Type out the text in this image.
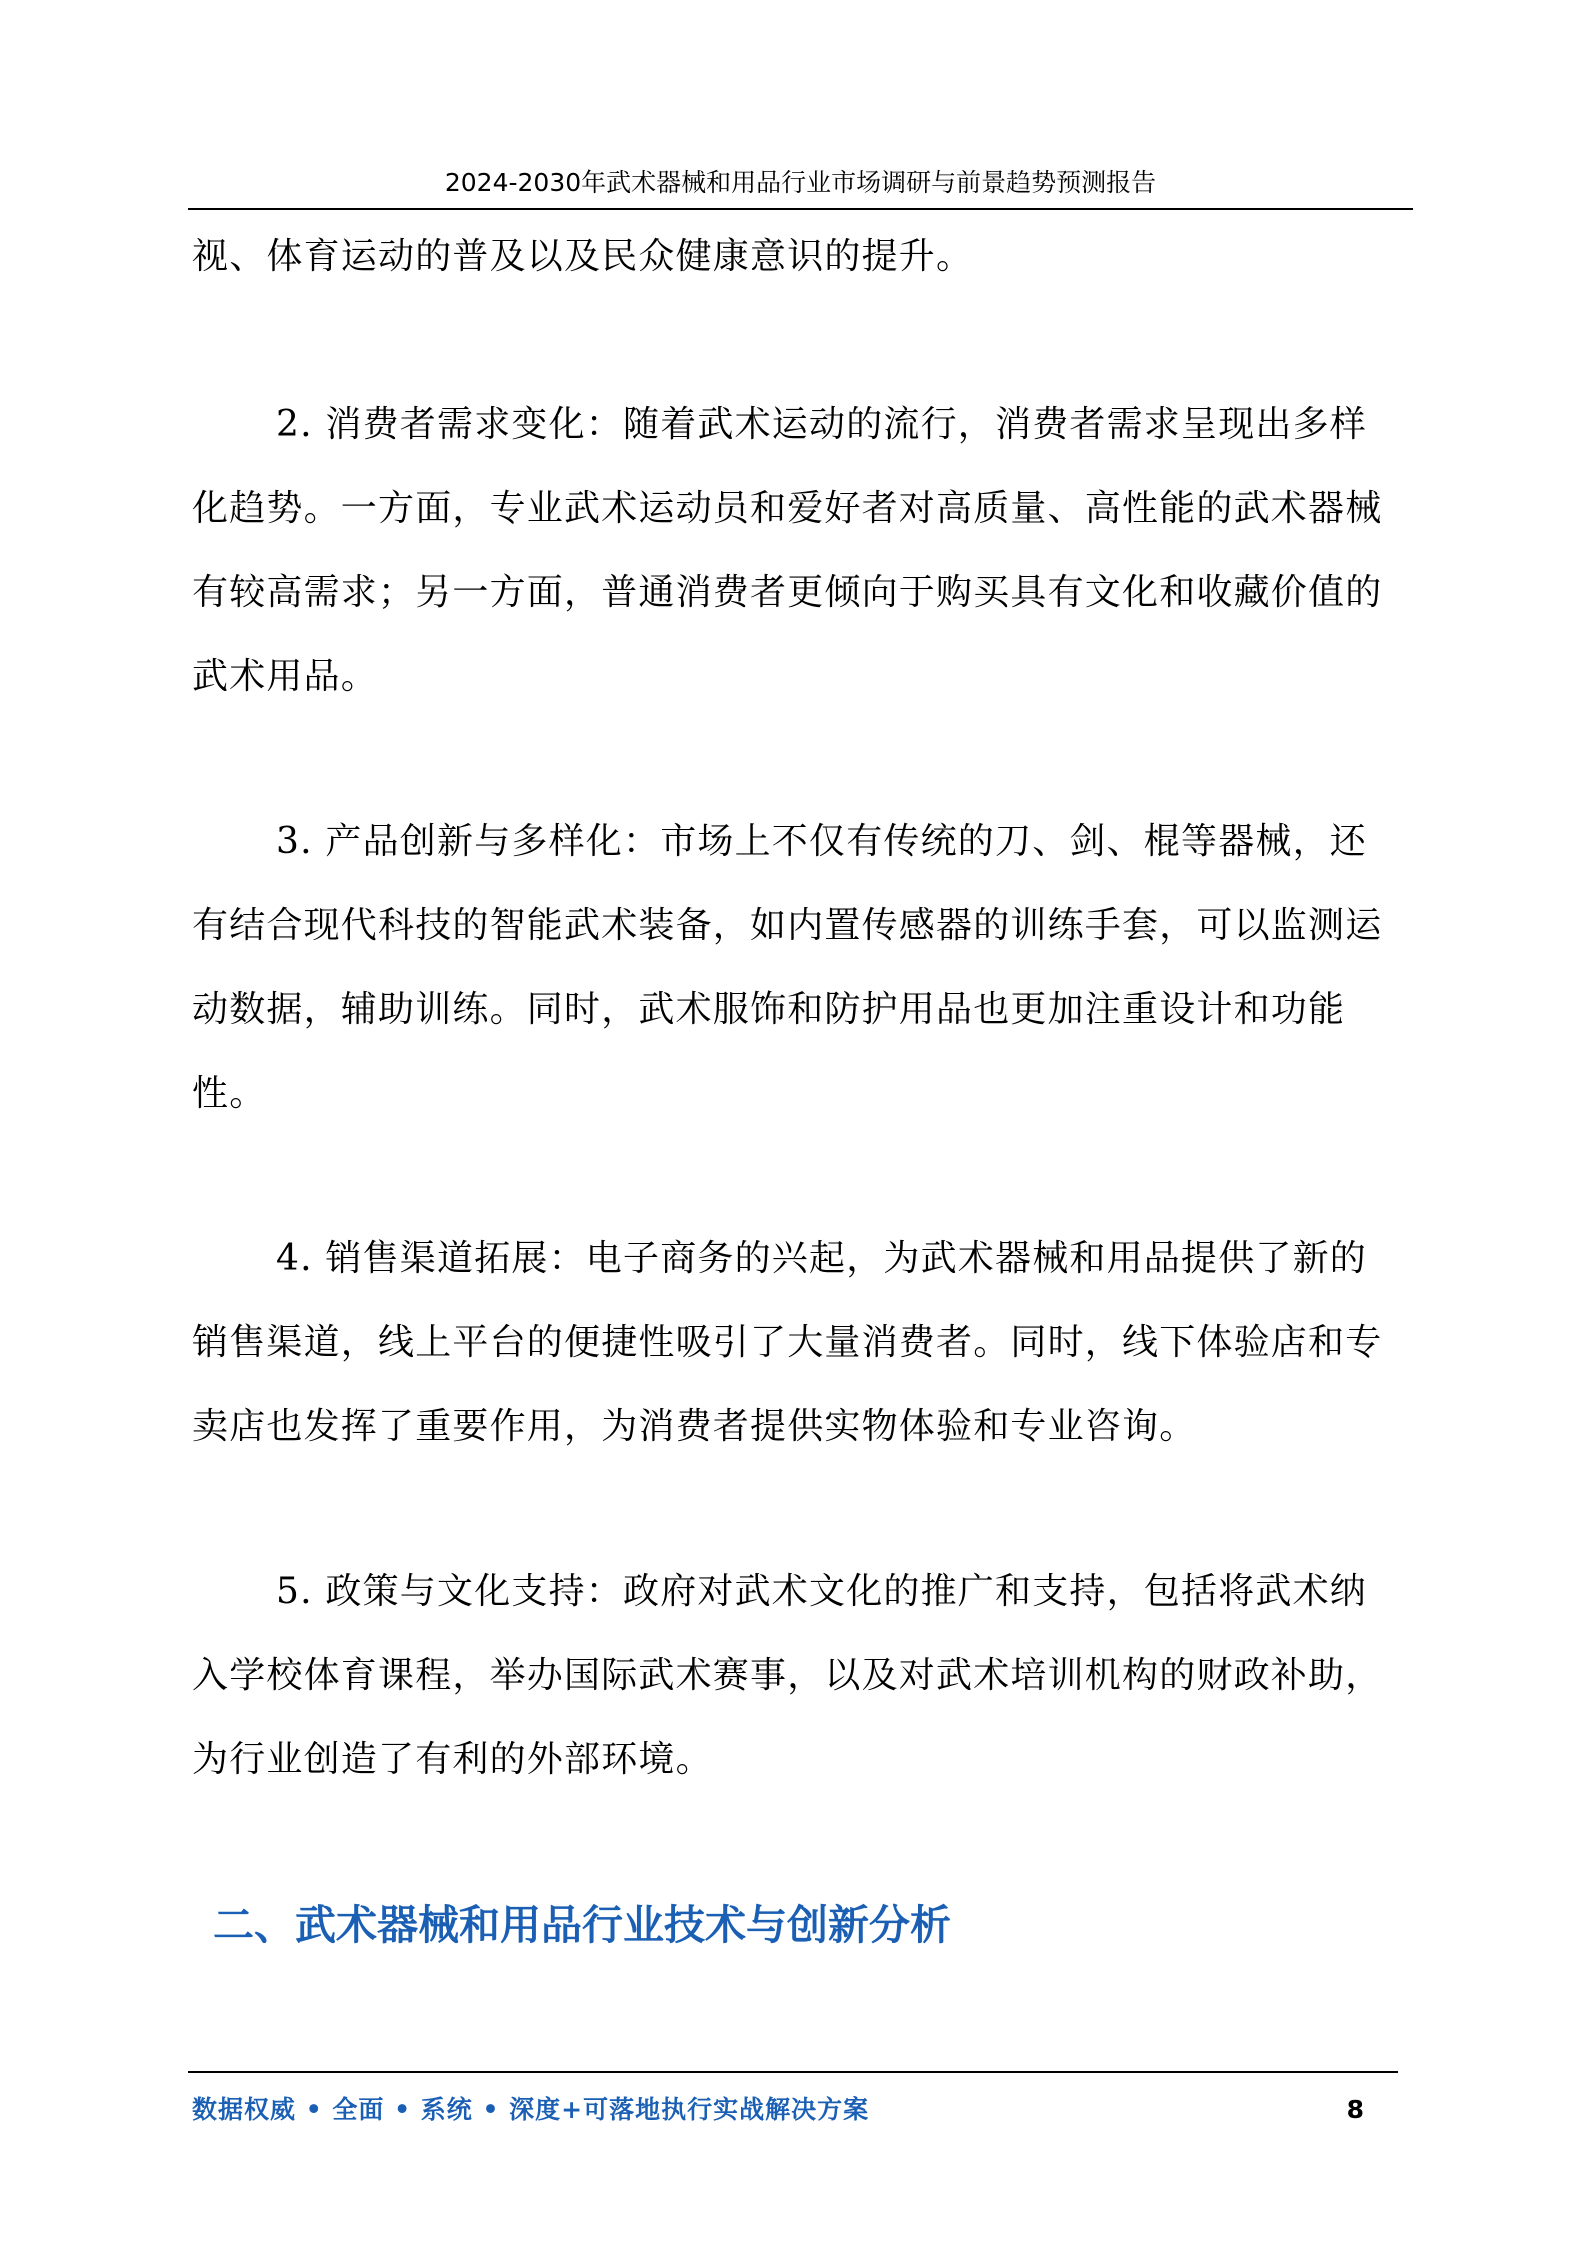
2024-2030年武术器械和用品行业市场调研与前景趋势预测报告

视、体育运动的普及以及民众健康意识的提升。

2. 消费者需求变化：随着武术运动的流行，消费者需求呈现出多样化趋势。一方面，专业武术运动员和爱好者对高质量、高性能的武术器械有较高需求；另一方面，普通消费者更倾向于购买具有文化和收藏价值的武术用品。

3. 产品创新与多样化：市场上不仅有传统的刀、剑、棍等器械，还有结合现代科技的智能武术装备，如内置传感器的训练手套，可以监测运动数据，辅助训练。同时，武术服饰和防护用品也更加注重设计和功能性。

4. 销售渠道拓展：电子商务的兴起，为武术器械和用品提供了新的销售渠道，线上平台的便捷性吸引了大量消费者。同时，线下体验店和专卖店也发挥了重要作用，为消费者提供实物体验和专业咨询。

5. 政策与文化支持：政府对武术文化的推广和支持，包括将武术纳入学校体育课程，举办国际武术赛事，以及对武术培训机构的财政补助，为行业创造了有利的外部环境。

二、武术器械和用品行业技术与创新分析
数据权威 • 全面 • 系统 • 深度+可落地执行实战解决方案	8
